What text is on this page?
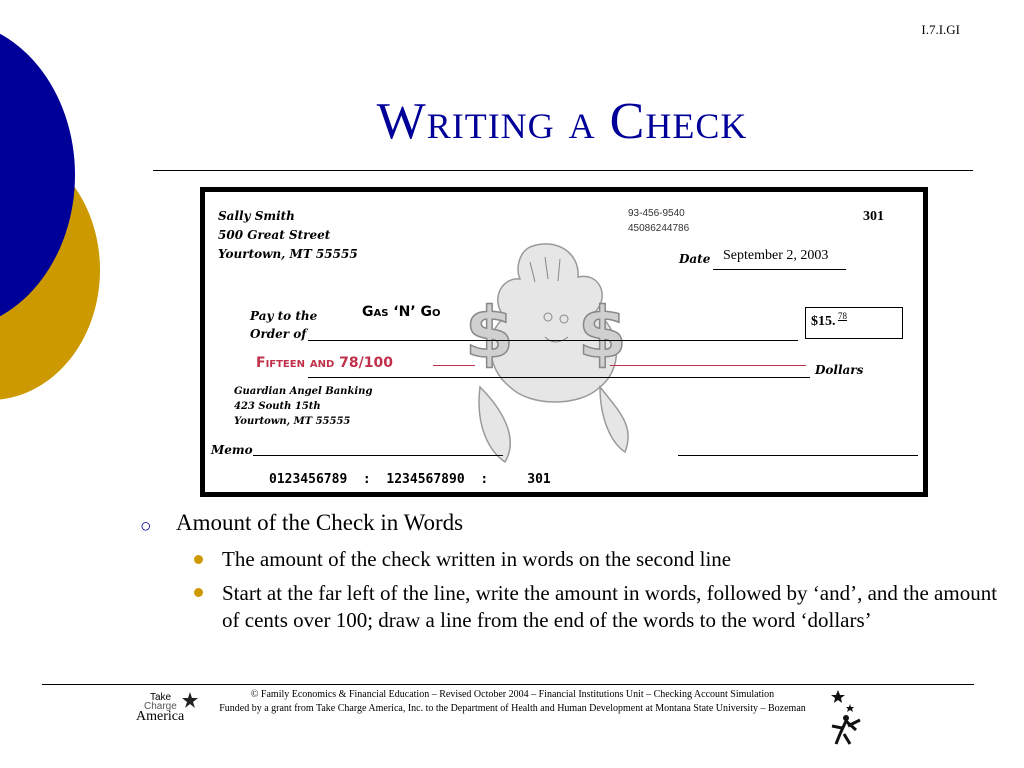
I.7.I.GI
Writing a Check
$ $
Sally Smith
500 Great Street
Yourtown, MT 55555
93-456-9540
45086244786
301
Date September 2, 2003
Pay to the
Order of
Gas ‘N’ Go
$15. 78
Fifteen and 78/100	Dollars
Guardian Angel Banking
423 South 15th
Yourtown, MT 55555
Memo
0123456789  :  1234567890  :     301
○ Amount of the Check in Words
The amount of the check written in words on the second line
Start at the far left of the line, write the amount in words, followed by ‘and’, and the amount of cents over 100; draw a line from the end of the words to the word ‘dollars’
Take
Charge
America
© Family Economics & Financial Education – Revised October 2004 – Financial Institutions Unit – Checking Account Simulation
Funded by a grant from Take Charge America, Inc. to the Department of Health and Human Development at Montana State University – Bozeman
